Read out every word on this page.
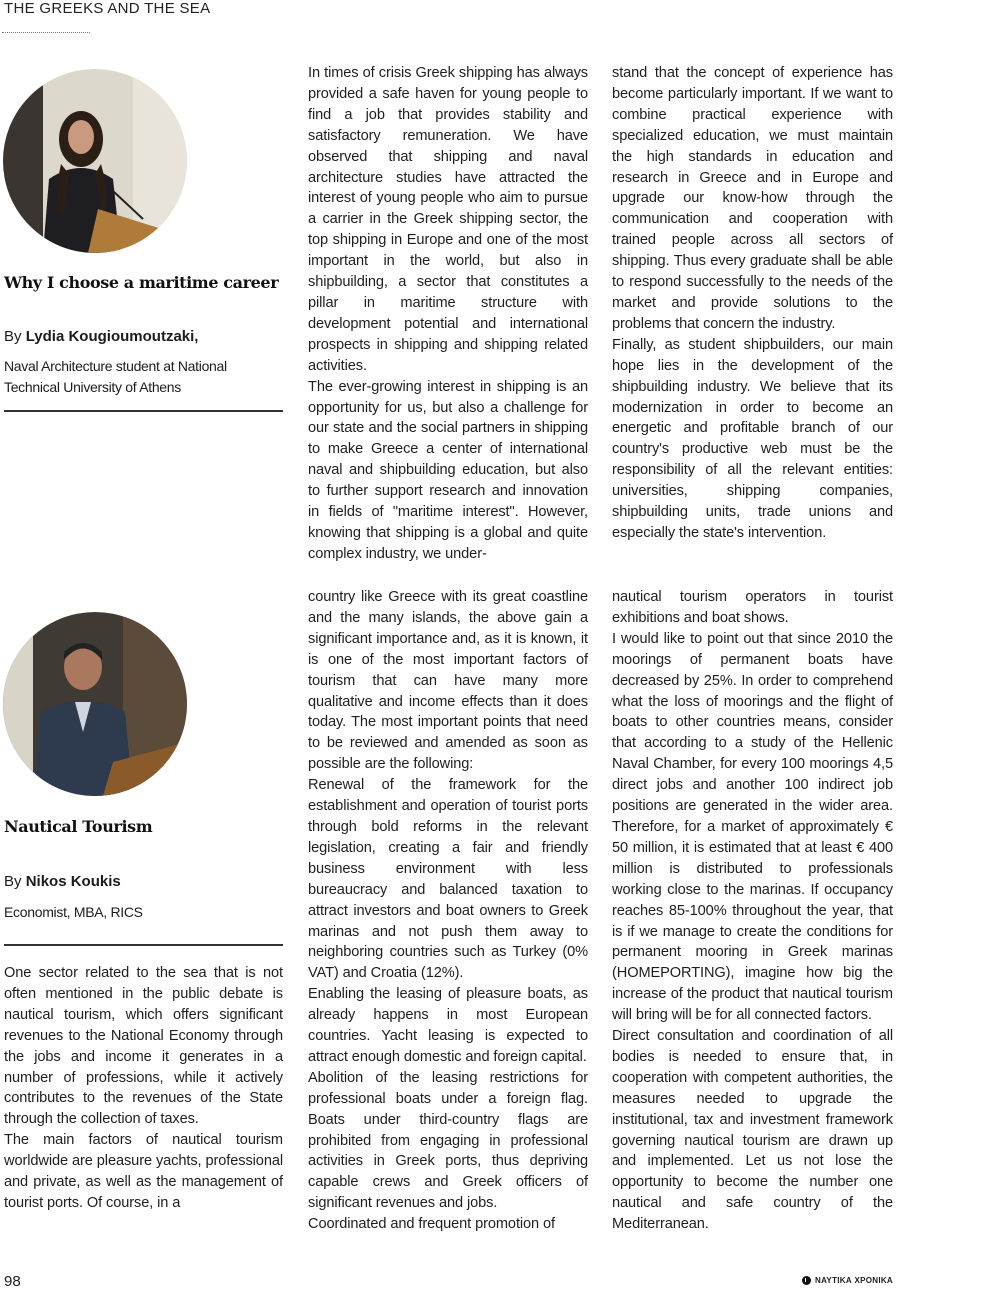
THE GREEKS AND THE SEA
Why I choose a maritime career
By Lydia Kougioumoutzaki,
Naval Architecture student at National Technical University of Athens

In times of crisis Greek shipping has always provided a safe haven for young people to find a job that provides stability and satisfactory remuneration. We have observed that shipping and naval architecture studies have attracted the interest of young people who aim to pursue a carrier in the Greek shipping sector, the top shipping in Europe and one of the most important in the world, but also in shipbuilding, a sector that constitutes a pillar in maritime structure with development potential and international prospects in shipping and shipping related activities.

The ever-growing interest in shipping is an opportunity for us, but also a challenge for our state and the social partners in shipping to make Greece a center of international naval and shipbuilding education, but also to further support research and innovation in fields of "maritime interest". However, knowing that shipping is a global and quite complex industry, we under-

stand that the concept of experience has become particularly important. If we want to combine practical experience with specialized education, we must maintain the high standards in education and research in Greece and in Europe and upgrade our know-how through the communication and cooperation with trained people across all sectors of shipping. Thus every graduate shall be able to respond successfully to the needs of the market and provide solutions to the problems that concern the industry.

Finally, as student shipbuilders, our main hope lies in the development of the shipbuilding industry. We believe that its modernization in order to become an energetic and profitable branch of our country's productive web must be the responsibility of all the relevant entities: universities, shipping companies, shipbuilding units, trade unions and especially the state's intervention.

Nautical Tourism
By Nikos Koukis
Economist, MBA, RICS

One sector related to the sea that is not often mentioned in the public debate is nautical tourism, which offers significant revenues to the National Economy through the jobs and income it generates in a number of professions, while it actively contributes to the revenues of the State through the collection of taxes.

The main factors of nautical tourism worldwide are pleasure yachts, professional and private, as well as the management of tourist ports. Of course, in a

country like Greece with its great coastline and the many islands, the above gain a significant importance and, as it is known, it is one of the most important factors of tourism that can have many more qualitative and income effects than it does today. The most important points that need to be reviewed and amended as soon as possible are the following:

Renewal of the framework for the establishment and operation of tourist ports through bold reforms in the relevant legislation, creating a fair and friendly business environment with less bureaucracy and balanced taxation to attract investors and boat owners to Greek marinas and not push them away to neighboring countries such as Turkey (0% VAT) and Croatia (12%).

Enabling the leasing of pleasure boats, as already happens in most European countries. Yacht leasing is expected to attract enough domestic and foreign capital.

Abolition of the leasing restrictions for professional boats under a foreign flag. Boats under third-country flags are prohibited from engaging in professional activities in Greek ports, thus depriving capable crews and Greek officers of significant revenues and jobs.

Coordinated and frequent promotion of

nautical tourism operators in tourist exhibitions and boat shows.

I would like to point out that since 2010 the moorings of permanent boats have decreased by 25%. In order to comprehend what the loss of moorings and the flight of boats to other countries means, consider that according to a study of the Hellenic Naval Chamber, for every 100 moorings 4,5 direct jobs and another 100 indirect job positions are generated in the wider area. Therefore, for a market of approximately € 50 million, it is estimated that at least € 400 million is distributed to professionals working close to the marinas. If occupancy reaches 85-100% throughout the year, that is if we manage to create the conditions for permanent mooring in Greek marinas (HOMEPORTING), imagine how big the increase of the product that nautical tourism will bring will be for all connected factors.

Direct consultation and coordination of all bodies is needed to ensure that, in cooperation with competent authorities, the measures needed to upgrade the institutional, tax and investment framework governing nautical tourism are drawn up and implemented. Let us not lose the opportunity to become the number one nautical and safe country of the Mediterranean.

98	ΝΑΥΤΙΚΑ ΧΡΟΝΙΚΑ
